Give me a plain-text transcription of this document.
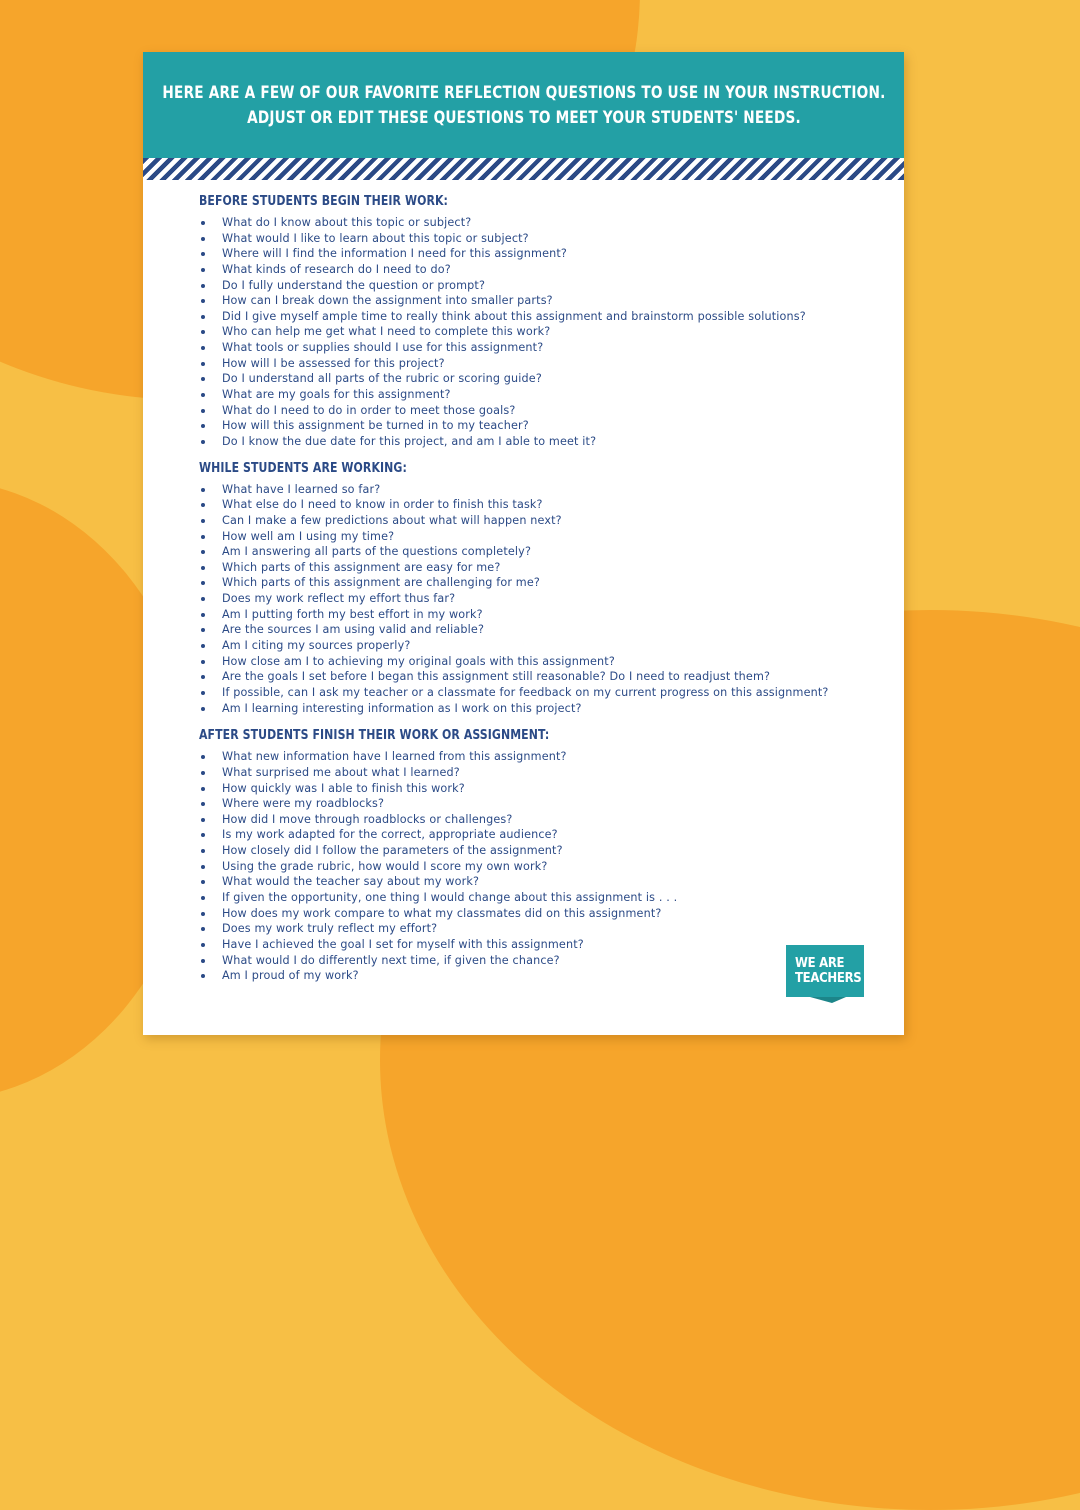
HERE ARE A FEW OF OUR FAVORITE REFLECTION QUESTIONS TO USE IN YOUR INSTRUCTION.
ADJUST OR EDIT THESE QUESTIONS TO MEET YOUR STUDENTS' NEEDS.
BEFORE STUDENTS BEGIN THEIR WORK:
What do I know about this topic or subject?
What would I like to learn about this topic or subject?
Where will I find the information I need for this assignment?
What kinds of research do I need to do?
Do I fully understand the question or prompt?
How can I break down the assignment into smaller parts?
Did I give myself ample time to really think about this assignment and brainstorm possible solutions?
Who can help me get what I need to complete this work?
What tools or supplies should I use for this assignment?
How will I be assessed for this project?
Do I understand all parts of the rubric or scoring guide?
What are my goals for this assignment?
What do I need to do in order to meet those goals?
How will this assignment be turned in to my teacher?
Do I know the due date for this project, and am I able to meet it?
WHILE STUDENTS ARE WORKING:
What have I learned so far?
What else do I need to know in order to finish this task?
Can I make a few predictions about what will happen next?
How well am I using my time?
Am I answering all parts of the questions completely?
Which parts of this assignment are easy for me?
Which parts of this assignment are challenging for me?
Does my work reflect my effort thus far?
Am I putting forth my best effort in my work?
Are the sources I am using valid and reliable?
Am I citing my sources properly?
How close am I to achieving my original goals with this assignment?
Are the goals I set before I began this assignment still reasonable? Do I need to readjust them?
If possible, can I ask my teacher or a classmate for feedback on my current progress on this assignment?
Am I learning interesting information as I work on this project?
AFTER STUDENTS FINISH THEIR WORK OR ASSIGNMENT:
What new information have I learned from this assignment?
What surprised me about what I learned?
How quickly was I able to finish this work?
Where were my roadblocks?
How did I move through roadblocks or challenges?
Is my work adapted for the correct, appropriate audience?
How closely did I follow the parameters of the assignment?
Using the grade rubric, how would I score my own work?
What would the teacher say about my work?
If given the opportunity, one thing I would change about this assignment is . . .
How does my work compare to what my classmates did on this assignment?
Does my work truly reflect my effort?
Have I achieved the goal I set for myself with this assignment?
What would I do differently next time, if given the chance?
Am I proud of my work?
WE ARE
TEACHERS
